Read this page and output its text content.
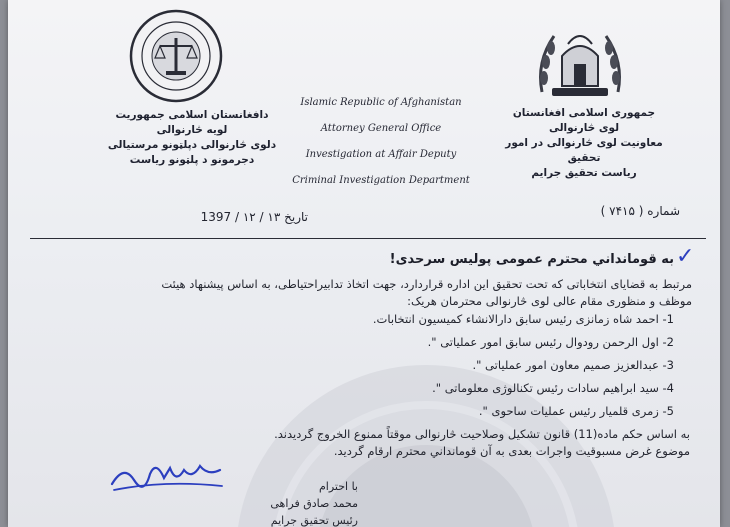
دافغانستان اسلامی جمهوریت
لویه څارنوالی
دلوی څارنوالی دپلټونو مرستیالی
دجرمونو د پلټونو ریاست
Islamic Republic of Afghanistan
Attorney General Office
Investigation at Affair Deputy
Criminal Investigation Department
جمهوری اسلامی افغانستان
لوی څارنوالی
معاونیت لوی څارنوالی در امور تحقیق
ریاست تحقیق جرایم
شماره ( ۷۴۱۵ )
تاریخ ۱۳ / ۱۲ / 1397
✓
به قومانداني محترم عمومی پولیس سرحدی!
مرتبط به قضایای انتخاباتی که تحت تحقیق این اداره قراردارد، جهت اتخاذ تدابیراحتیاطی، به اساس پیشنهاد هیئت موظف و منظوری مقام عالی لوی څارنوالی محترمان هریک:
1- احمد شاه زمانزی رئیس سابق دارالانشاء کمیسیون انتخابات.
2- اول الرحمن رودوال رئیس سابق امور عملیاتی ".
3- عبدالعزیز صمیم معاون امور عملیاتی ".
4- سید ابراهیم سادات رئیس تکنالوژی معلوماتی ".
5- زمری قلمیار رئیس عملیات ساحوی ".
به اساس حکم ماده(11) قانون تشکیل وصلاحیت څارنوالی موقتاً ممنوع الخروج گردیدند.
موضوع غرض مسبوقیت واجرات بعدی به آن قومانداني محترم ارقام گردید.
با احترام
محمد صادق فراهی
رئیس تحقیق جرایم
